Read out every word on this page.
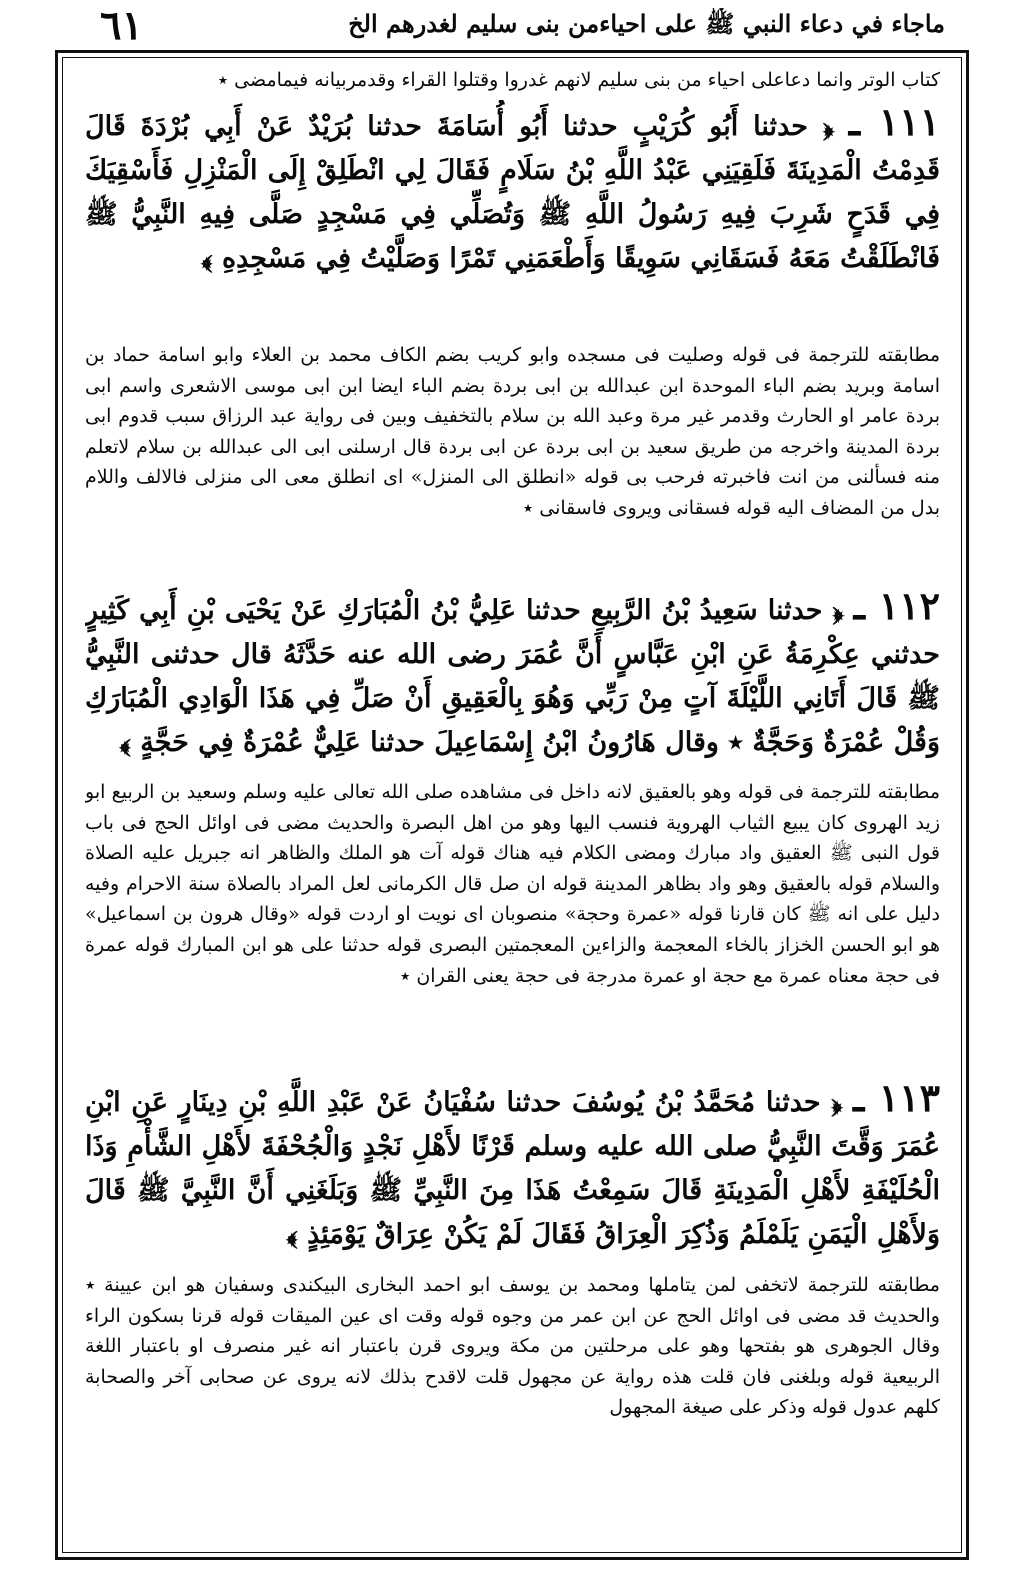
٦١	ماجاء في دعاء النبي ﷺ على احياءمن بنى سليم لغدرهم الخ

كتاب الوتر وانما دعاعلى احياء من بنى سليم لانهم غدروا وقتلوا القراء وقدمربيانه فيمامضى ٭

١١١ ـ ﴿ حدثنا أَبُو كُرَيْبٍ حدثنا أَبُو أُسَامَةَ حدثنا بُرَيْدٌ عَنْ أَبِي بُرْدَةَ قَالَ قَدِمْتُ الْمَدِينَةَ فَلَقِيَنِي عَبْدُ اللَّهِ بْنُ سَلَامٍ فَقَالَ لِي انْطَلِقْ إِلَى الْمَنْزِلِ فَأَسْقِيَكَ فِي قَدَحٍ شَرِبَ فِيهِ رَسُولُ اللَّهِ ﷺ وَتُصَلِّي فِي مَسْجِدٍ صَلَّى فِيهِ النَّبِيُّ ﷺ فَانْطَلَقْتُ مَعَهُ فَسَقَانِي سَوِيقًا وَأَطْعَمَنِي تَمْرًا وَصَلَّيْتُ فِي مَسْجِدِهِ ﴾

مطابقته للترجمة فى قوله وصليت فى مسجده وابو كريب بضم الكاف محمد بن العلاء وابو اسامة حماد بن اسامة وبريد بضم الباء الموحدة ابن عبدالله بن ابى بردة بضم الباء ايضا ابن ابى موسى الاشعرى واسم ابى بردة عامر او الحارث وقدمر غير مرة وعبد الله بن سلام بالتخفيف وبين فى رواية عبد الرزاق سبب قدوم ابى بردة المدينة واخرجه من طريق سعيد بن ابى بردة عن ابى بردة قال ارسلنى ابى الى عبدالله بن سلام لاتعلم منه فسألنى من انت فاخبرته فرحب بى قوله «انطلق الى المنزل» اى انطلق معى الى منزلى فالالف واللام بدل من المضاف اليه قوله فسقانى ويروى فاسقانى ٭

١١٢ ـ ﴿ حدثنا سَعِيدُ بْنُ الرَّبِيعِ حدثنا عَلِيُّ بْنُ الْمُبَارَكِ عَنْ يَحْيَى بْنِ أَبِي كَثِيرٍ حدثني عِكْرِمَةُ عَنِ ابْنِ عَبَّاسٍ أَنَّ عُمَرَ رضى الله عنه حَدَّثَهُ قال حدثنى النَّبِيُّ ﷺ قَالَ أَتَانِي اللَّيْلَةَ آتٍ مِنْ رَبِّي وَهُوَ بِالْعَقِيقِ أَنْ صَلِّ فِي هَذَا الْوَادِي الْمُبَارَكِ وَقُلْ عُمْرَةٌ وَحَجَّةٌ ٭ وقال هَارُونُ ابْنُ إِسْمَاعِيلَ حدثنا عَلِيٌّ عُمْرَةٌ فِي حَجَّةٍ ﴾

مطابقته للترجمة فى قوله وهو بالعقيق لانه داخل فى مشاهده صلى الله تعالى عليه وسلم وسعيد بن الربيع ابو زيد الهروى كان يبيع الثياب الهروية فنسب اليها وهو من اهل البصرة والحديث مضى فى اوائل الحج فى باب قول النبى ﷺ العقيق واد مبارك ومضى الكلام فيه هناك قوله آت هو الملك والظاهر انه جبريل عليه الصلاة والسلام قوله بالعقيق وهو واد بظاهر المدينة قوله ان صل قال الكرمانى لعل المراد بالصلاة سنة الاحرام وفيه دليل على انه ﷺ كان قارنا قوله «عمرة وحجة» منصوبان اى نويت او اردت قوله «وقال هرون بن اسماعيل» هو ابو الحسن الخزاز بالخاء المعجمة والزاءين المعجمتين البصرى قوله حدثنا على هو ابن المبارك قوله عمرة فى حجة معناه عمرة مع حجة او عمرة مدرجة فى حجة يعنى القران ٭

١١٣ ـ ﴿ حدثنا مُحَمَّدُ بْنُ يُوسُفَ حدثنا سُفْيَانُ عَنْ عَبْدِ اللَّهِ بْنِ دِينَارٍ عَنِ ابْنِ عُمَرَ وَقَّتَ النَّبِيُّ صلى الله عليه وسلم قَرْنًا لأَهْلِ نَجْدٍ وَالْجُحْفَةَ لأَهْلِ الشَّأْمِ وَذَا الْحُلَيْفَةِ لأَهْلِ الْمَدِينَةِ قَالَ سَمِعْتُ هَذَا مِنَ النَّبِيِّ ﷺ وَبَلَغَنِي أَنَّ النَّبِيَّ ﷺ قَالَ وَلأَهْلِ الْيَمَنِ يَلَمْلَمُ وَذُكِرَ الْعِرَاقُ فَقَالَ لَمْ يَكُنْ عِرَاقٌ يَوْمَئِذٍ ﴾

مطابقته للترجمة لاتخفى لمن يتاملها ومحمد بن يوسف ابو احمد البخارى البيكندى وسفيان هو ابن عيينة ٭ والحديث قد مضى فى اوائل الحج عن ابن عمر من وجوه قوله وقت اى عين الميقات قوله قرنا بسكون الراء وقال الجوهرى هو بفتحها وهو على مرحلتين من مكة ويروى قرن باعتبار انه غير منصرف او باعتبار اللغة الربيعية قوله وبلغنى فان قلت هذه رواية عن مجهول قلت لاقدح بذلك لانه يروى عن صحابى آخر والصحابة كلهم عدول قوله وذكر على صيغة المجهول
